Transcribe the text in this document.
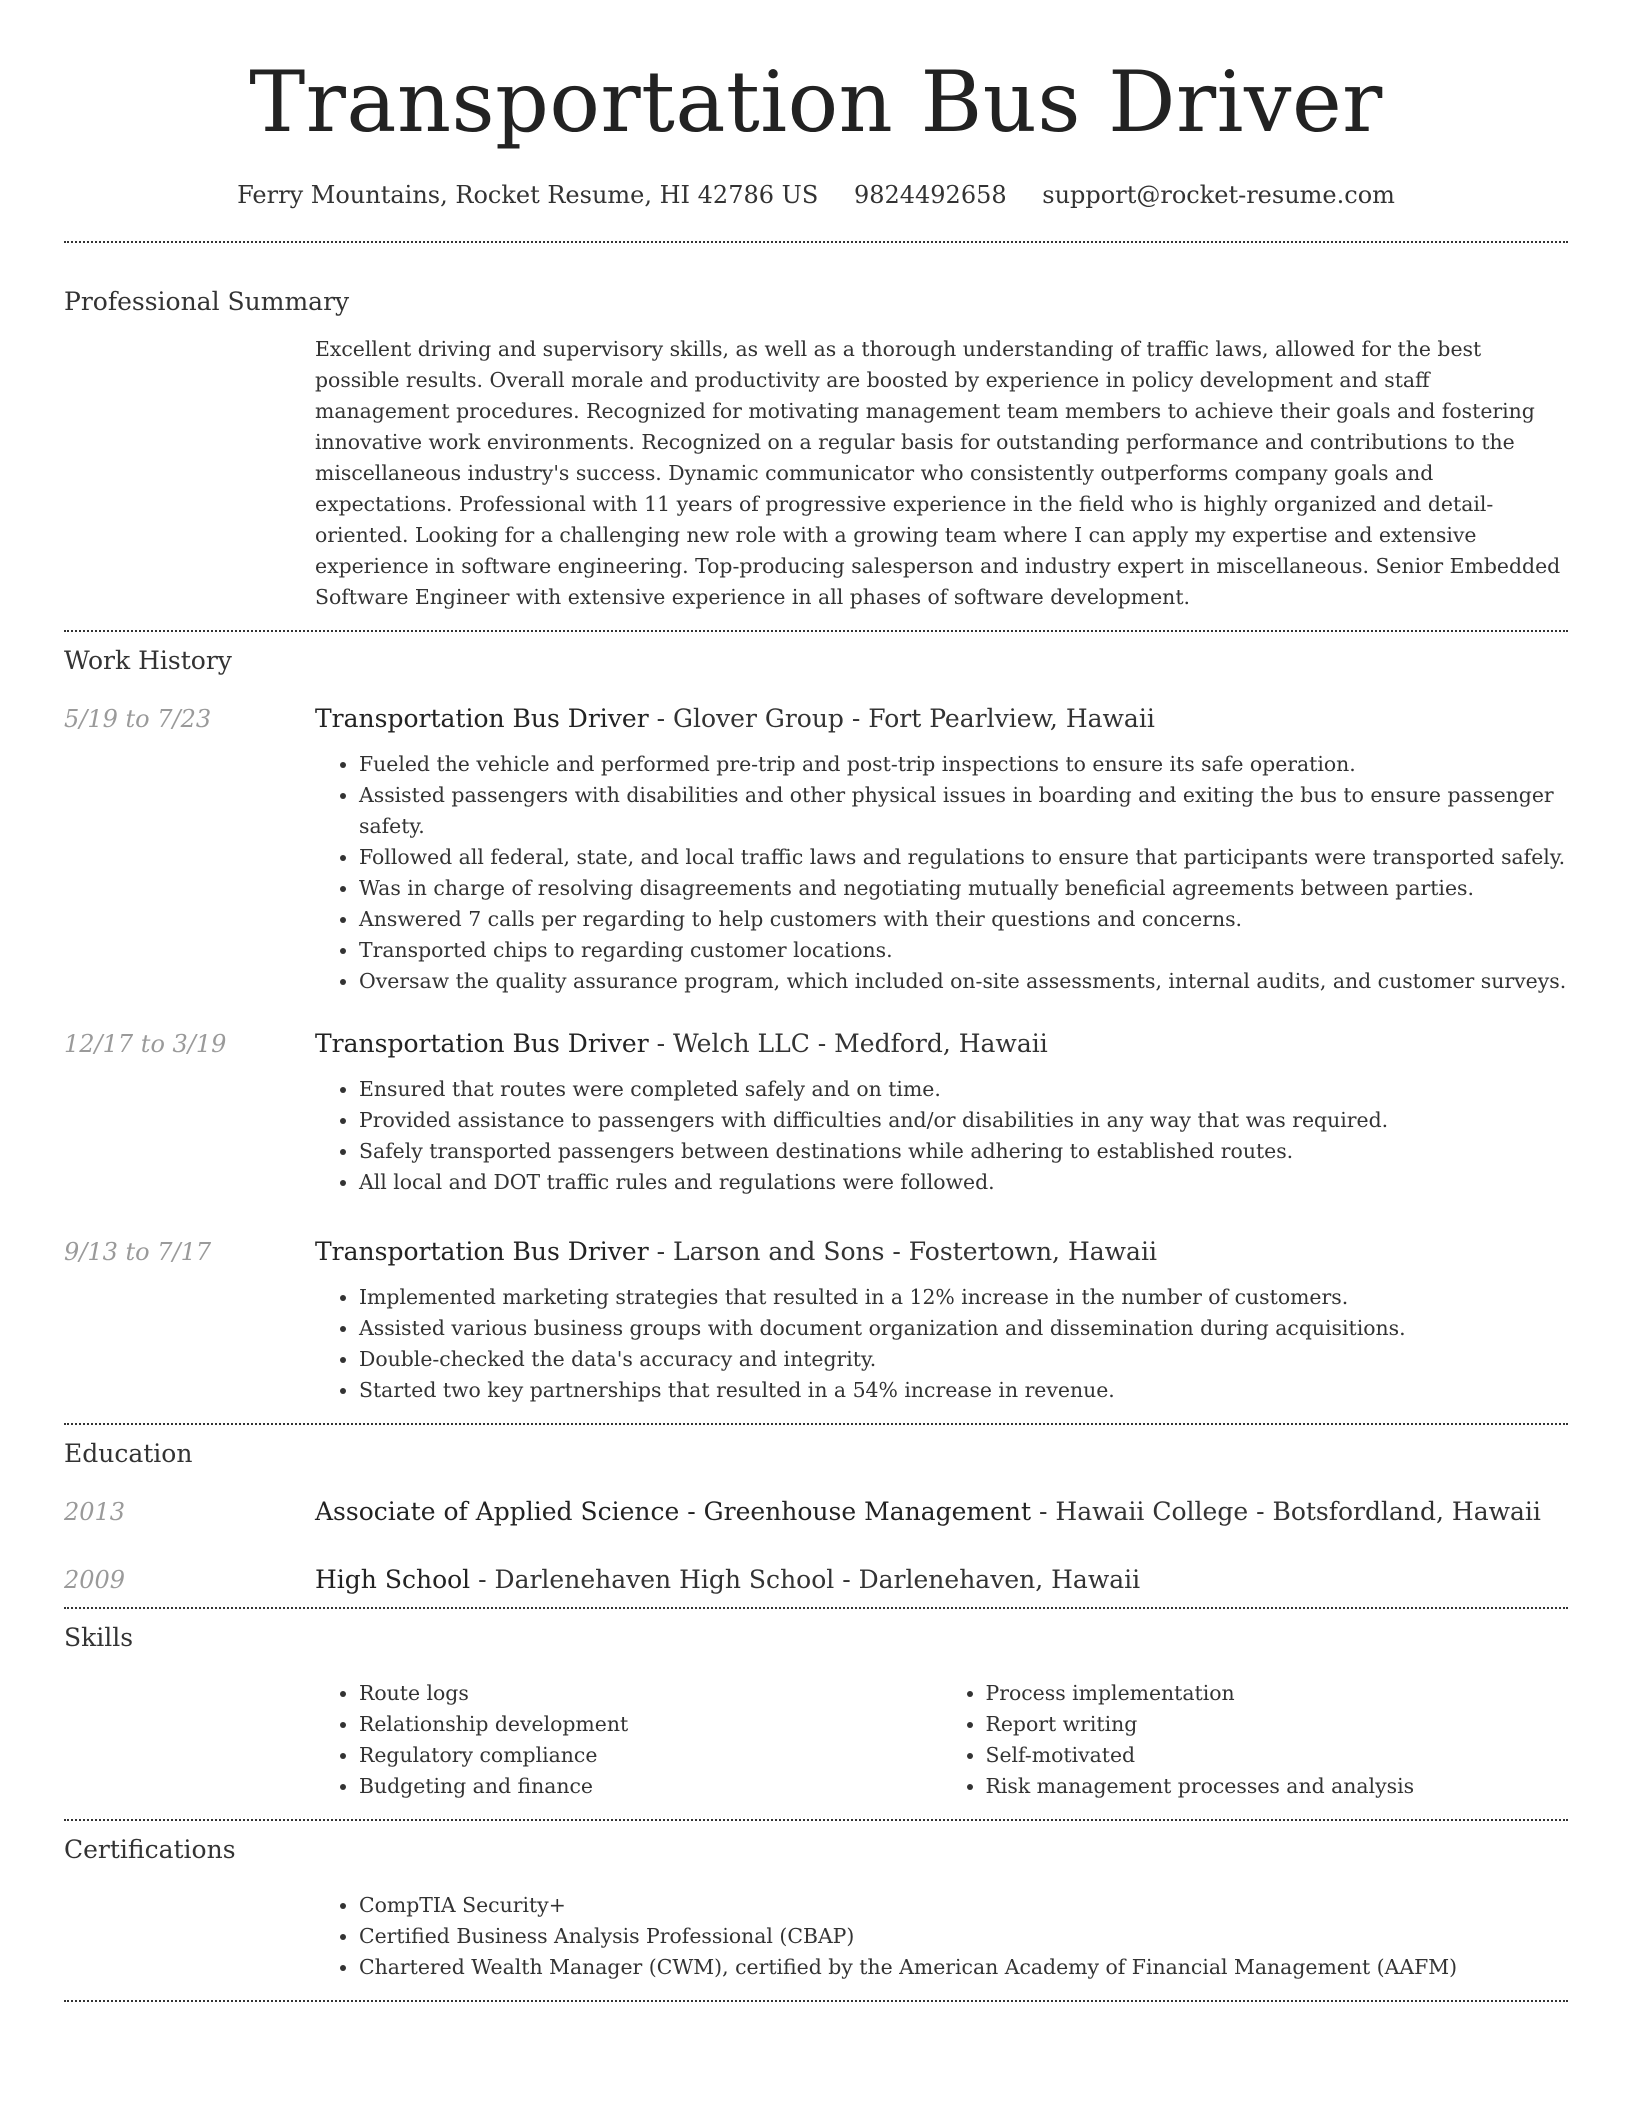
Transportation Bus Driver
Ferry Mountains, Rocket Resume, HI 42786 US 9824492658 support@rocket-resume.com
Professional Summary

Excellent driving and supervisory skills, as well as a thorough understanding of traffic laws, allowed for the best possible results. Overall morale and productivity are boosted by experience in policy development and staff management procedures. Recognized for motivating management team members to achieve their goals and fostering innovative work environments. Recognized on a regular basis for outstanding performance and contributions to the miscellaneous industry's success. Dynamic communicator who consistently outperforms company goals and expectations. Professional with 11 years of progressive experience in the field who is highly organized and detail-oriented. Looking for a challenging new role with a growing team where I can apply my expertise and extensive experience in software engineering. Top-producing salesperson and industry expert in miscellaneous. Senior Embedded Software Engineer with extensive experience in all phases of software development.

Work History
5/19 to 7/23	Transportation Bus Driver - Glover Group - Fort Pearlview, Hawaii
• Fueled the vehicle and performed pre-trip and post-trip inspections to ensure its safe operation.
• Assisted passengers with disabilities and other physical issues in boarding and exiting the bus to ensure passenger safety.
• Followed all federal, state, and local traffic laws and regulations to ensure that participants were transported safely.
• Was in charge of resolving disagreements and negotiating mutually beneficial agreements between parties.
• Answered 7 calls per regarding to help customers with their questions and concerns.
• Transported chips to regarding customer locations.
• Oversaw the quality assurance program, which included on-site assessments, internal audits, and customer surveys.
12/17 to 3/19	Transportation Bus Driver - Welch LLC - Medford, Hawaii
• Ensured that routes were completed safely and on time.
• Provided assistance to passengers with difficulties and/or disabilities in any way that was required.
• Safely transported passengers between destinations while adhering to established routes.
• All local and DOT traffic rules and regulations were followed.
9/13 to 7/17	Transportation Bus Driver - Larson and Sons - Fostertown, Hawaii
• Implemented marketing strategies that resulted in a 12% increase in the number of customers.
• Assisted various business groups with document organization and dissemination during acquisitions.
• Double-checked the data's accuracy and integrity.
• Started two key partnerships that resulted in a 54% increase in revenue.
Education
2013	Associate of Applied Science - Greenhouse Management - Hawaii College - Botsfordland, Hawaii
2009	High School - Darlenehaven High School - Darlenehaven, Hawaii
Skills
• Route logs
• Relationship development
• Regulatory compliance
• Budgeting and finance
• Process implementation
• Report writing
• Self-motivated
• Risk management processes and analysis
Certifications
• CompTIA Security+
• Certified Business Analysis Professional (CBAP)
• Chartered Wealth Manager (CWM), certified by the American Academy of Financial Management (AAFM)
